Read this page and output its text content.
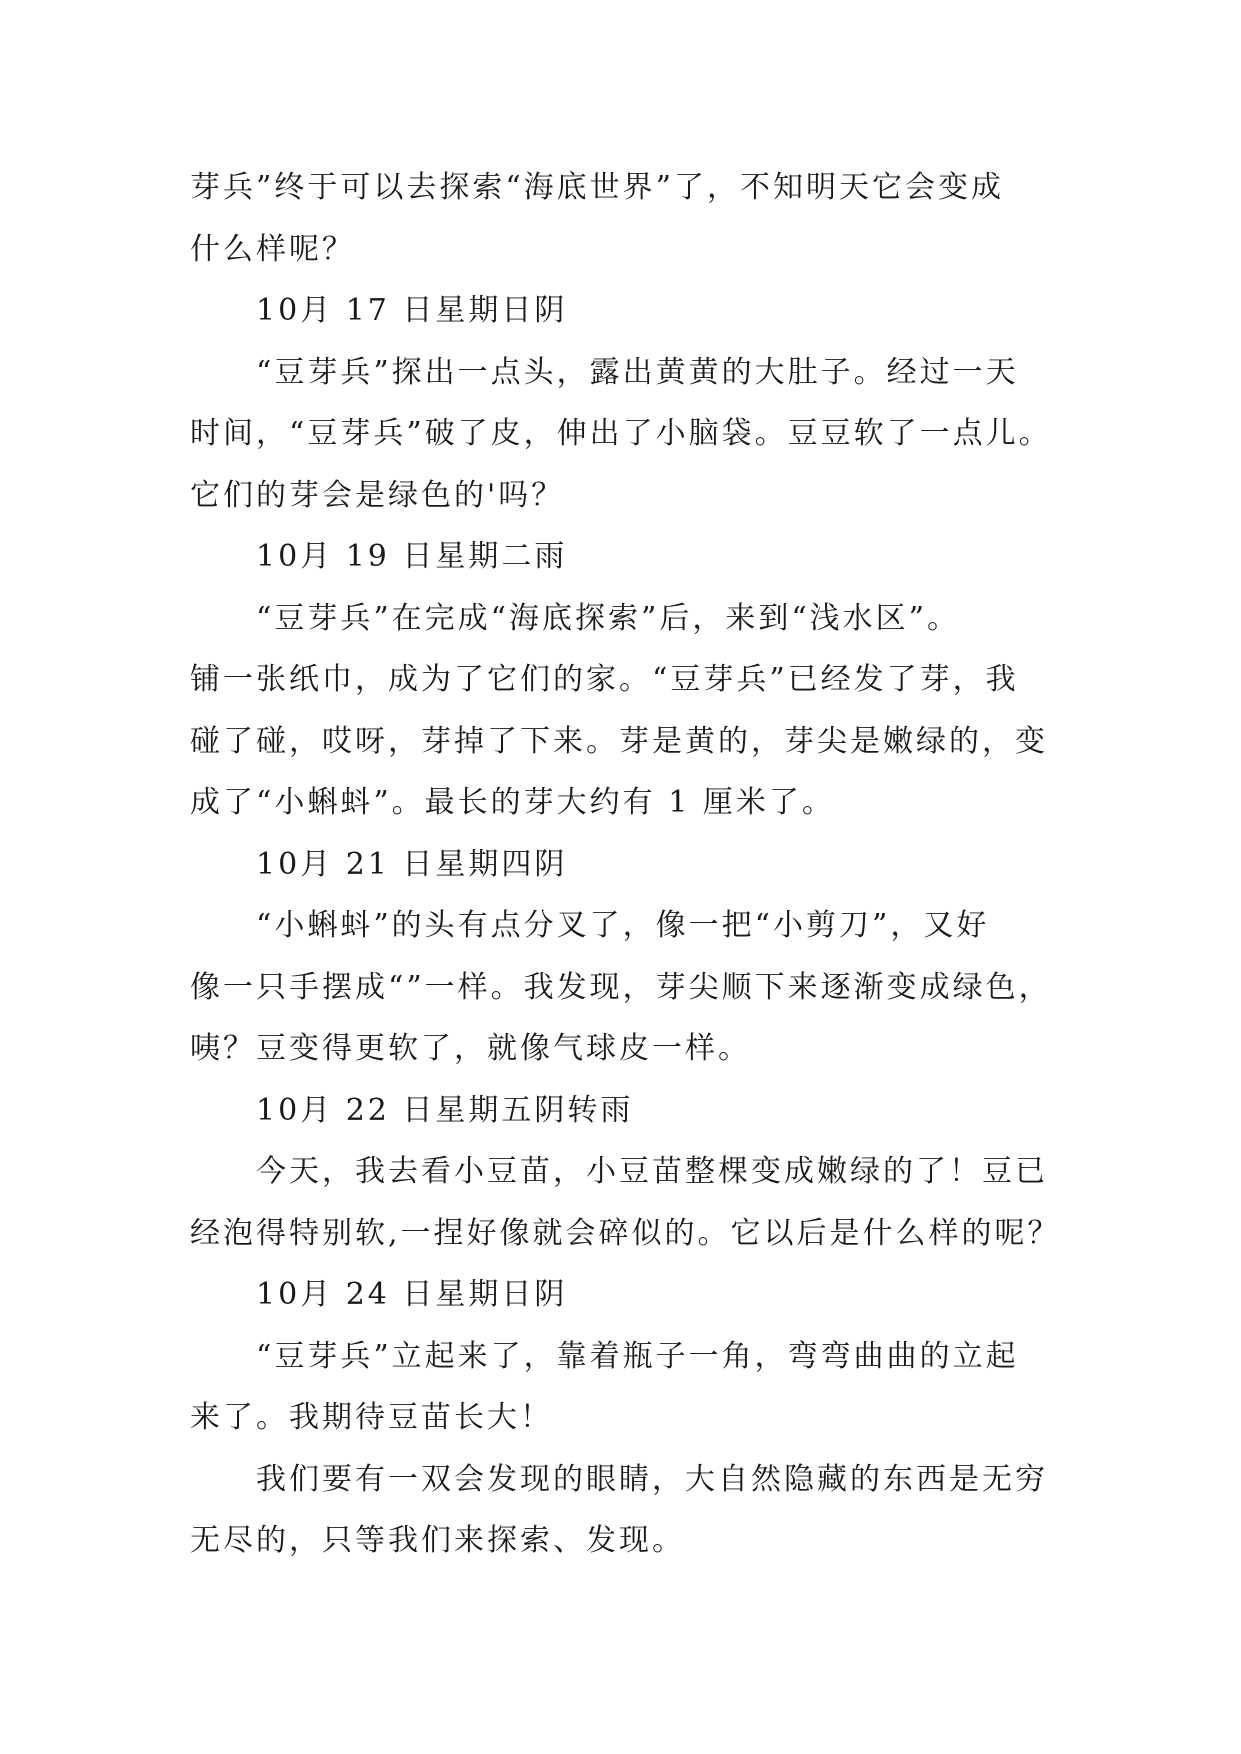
芽兵”终于可以去探索“海底世界”了，不知明天它会变成
什么样呢？

10月 17 日星期日阴

“豆芽兵”探出一点头，露出黄黄的大肚子。经过一天
时间，“豆芽兵”破了皮，伸出了小脑袋。豆豆软了一点儿。
它们的芽会是绿色的'吗？

10月 19 日星期二雨

“豆芽兵”在完成“海底探索”后，来到“浅水区”。
铺一张纸巾，成为了它们的家。“豆芽兵”已经发了芽，我
碰了碰，哎呀，芽掉了下来。芽是黄的，芽尖是嫩绿的，变
成了“小蝌蚪”。最长的芽大约有 1 厘米了。

10月 21 日星期四阴

“小蝌蚪”的头有点分叉了，像一把“小剪刀”，又好
像一只手摆成“”一样。我发现，芽尖顺下来逐渐变成绿色，
咦？豆变得更软了，就像气球皮一样。

10月 22 日星期五阴转雨

今天，我去看小豆苗，小豆苗整棵变成嫩绿的了！豆已
经泡得特别软,一捏好像就会碎似的。它以后是什么样的呢？

10月 24 日星期日阴

“豆芽兵”立起来了，靠着瓶子一角，弯弯曲曲的立起
来了。我期待豆苗长大！

我们要有一双会发现的眼睛，大自然隐藏的东西是无穷
无尽的，只等我们来探索、发现。
